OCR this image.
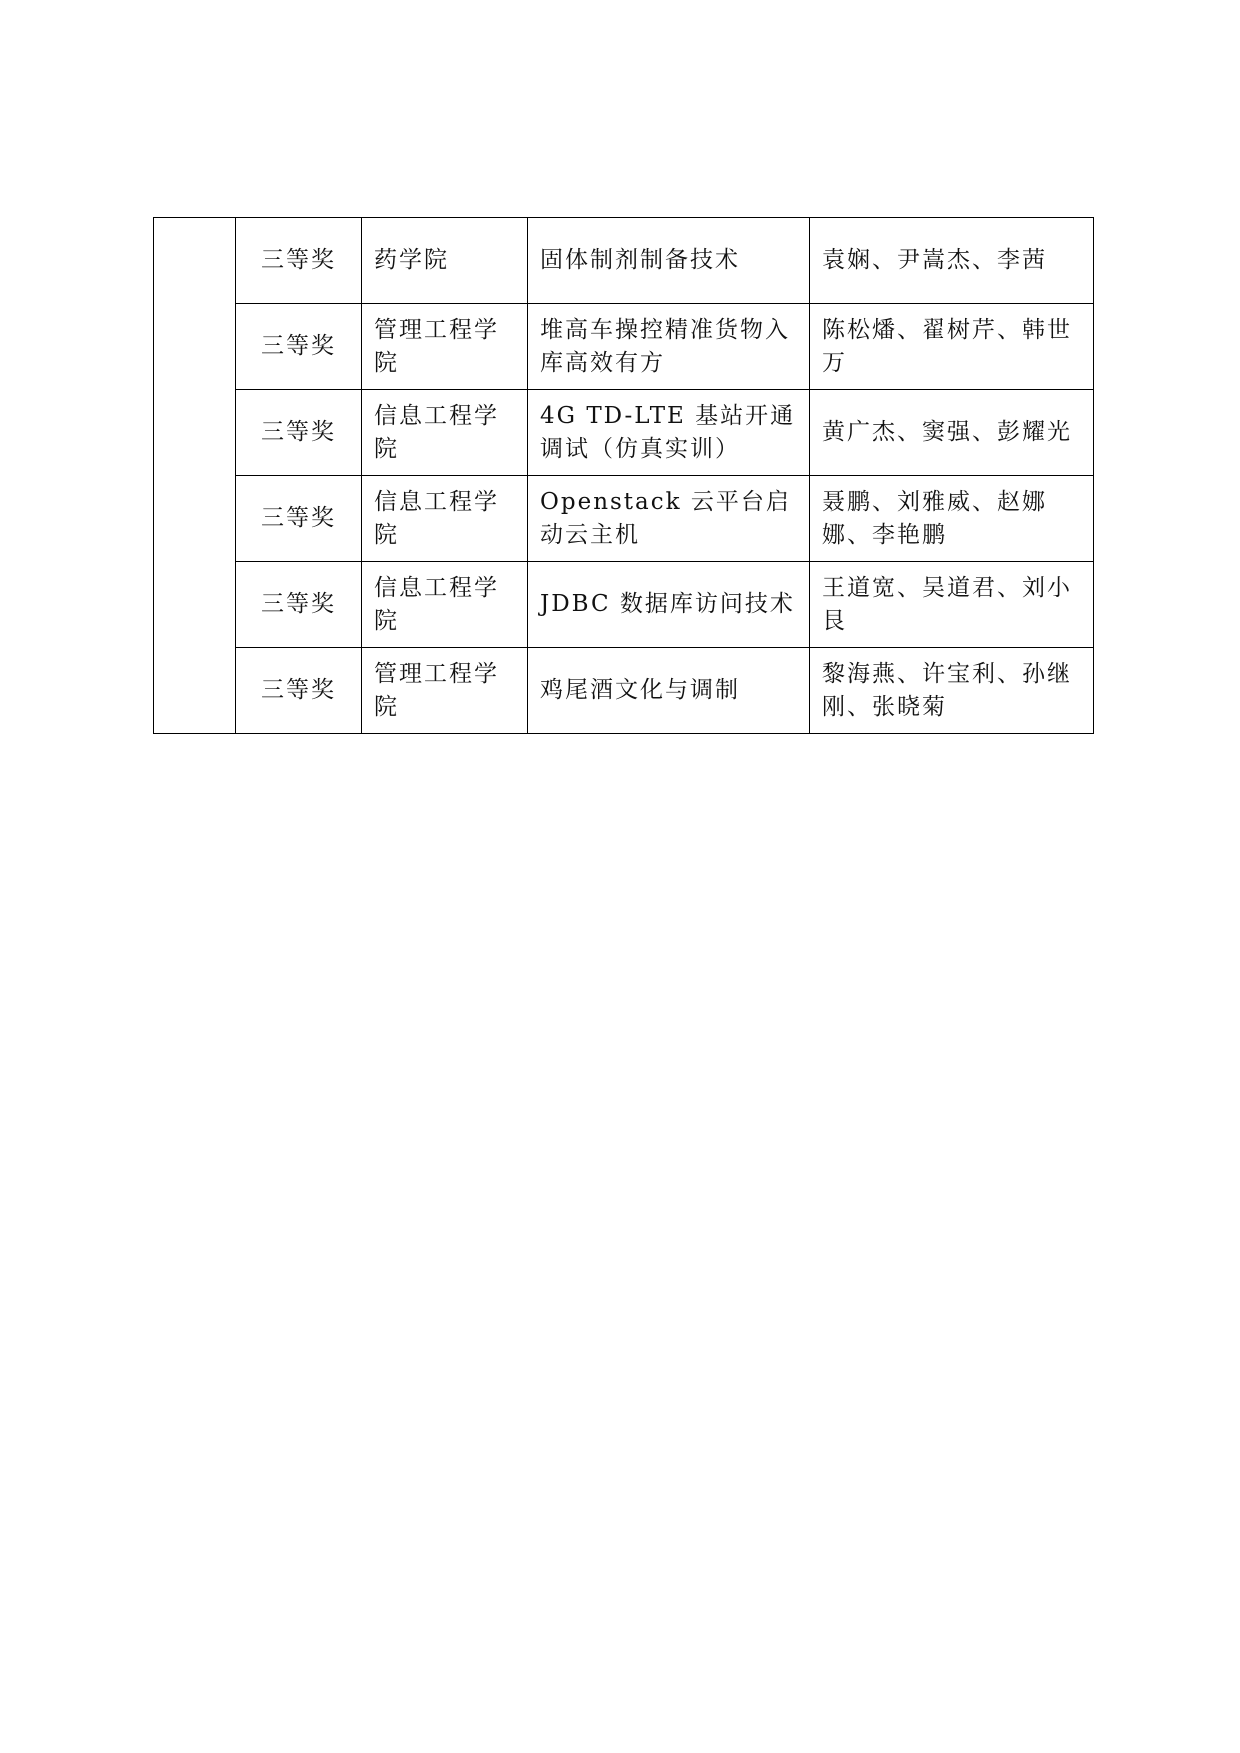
	三等奖	药学院	固体制剂制备技术	袁娴、尹嵩杰、李茜
	三等奖	管理工程学院	堆高车操控精准货物入库高效有方	陈松燔、翟树芹、韩世万
	三等奖	信息工程学院	4G TD-LTE 基站开通调试（仿真实训）	黄广杰、窦强、彭耀光
	三等奖	信息工程学院	Openstack 云平台启动云主机	聂鹏、刘雅威、赵娜娜、李艳鹏
	三等奖	信息工程学院	JDBC 数据库访问技术	王道宽、吴道君、刘小艮
	三等奖	管理工程学院	鸡尾酒文化与调制	黎海燕、许宝利、孙继刚、张晓菊
